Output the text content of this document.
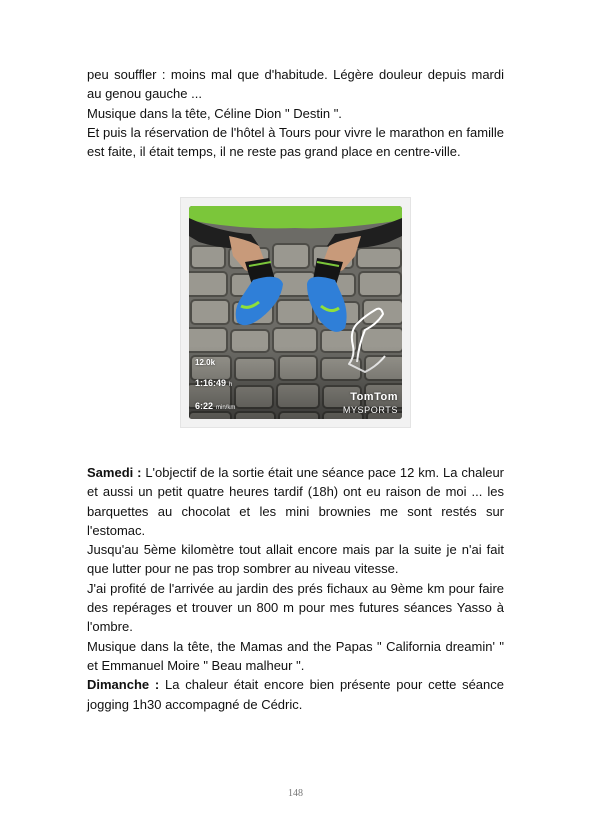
peu souffler : moins mal que d'habitude. Légère douleur depuis mardi au genou gauche ...

Musique dans la tête, Céline Dion " Destin ".

Et puis la réservation de l'hôtel à Tours pour vivre le marathon en famille est faite, il était temps, il ne reste pas grand place en centre-ville.

12.0k
1:16:49 h
6:22 min/km
TomTom
MYSPORTS

Samedi : L'objectif de la sortie était une séance pace 12 km. La chaleur et aussi un petit quatre heures tardif (18h) ont eu raison de moi ... les barquettes au chocolat et les mini brownies me sont restés sur l'estomac.

Jusqu'au 5ème kilomètre tout allait encore mais par la suite je n'ai fait que lutter pour ne pas trop sombrer au niveau vitesse.

J'ai profité de l'arrivée au jardin des prés fichaux au 9ème km pour faire des repérages et trouver un 800 m pour mes futures séances Yasso à l'ombre.

Musique dans la tête, the Mamas and the Papas " California dreamin' " et Emmanuel Moire " Beau malheur ".

Dimanche : La chaleur était encore bien présente pour cette séance jogging 1h30 accompagné de Cédric.

148
